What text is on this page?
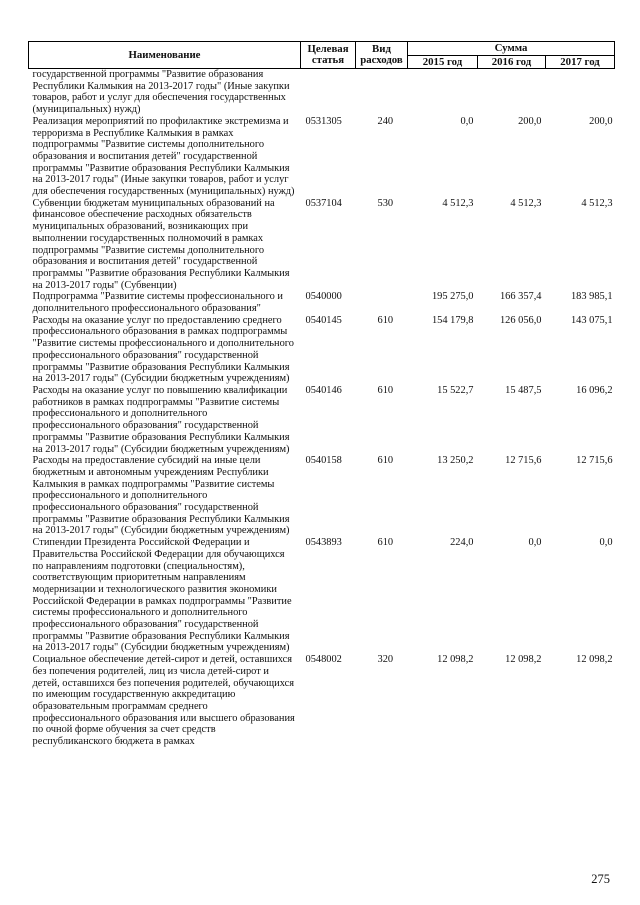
Наименование	Целевая статья	Вид расходов	Сумма		
			2015 год	2016 год	2017 год
государственной программы "Развитие образования Республики Калмыкия на 2013-2017 годы" (Иные закупки товаров, работ и услуг для обеспечения государственных (муниципальных) нужд)					
Реализация мероприятий по профилактике экстремизма и терроризма в Республике Калмыкия в рамках подпрограммы "Развитие системы дополнительного образования и воспитания детей" государственной программы "Развитие образования Республики Калмыкия на 2013-2017 годы" (Иные закупки товаров, работ и услуг для обеспечения государственных (муниципальных) нужд)	0531305	240	0,0	200,0	200,0
Субвенции бюджетам муниципальных образований на финансовое обеспечение расходных обязательств муниципальных образований, возникающих при выполнении государственных полномочий в рамках подпрограммы "Развитие системы дополнительного образования и воспитания детей" государственной программы "Развитие образования Республики Калмыкия на 2013-2017 годы" (Субвенции)	0537104	530	4 512,3	4 512,3	4 512,3
Подпрограмма "Развитие системы профессионального и дополнительного профессионального образования"	0540000		195 275,0	166 357,4	183 985,1
Расходы на оказание услуг по предоставлению среднего профессионального образования в рамках подпрограммы "Развитие системы профессионального и дополнительного профессионального образования" государственной программы "Развитие образования Республики Калмыкия на 2013-2017 годы" (Субсидии бюджетным учреждениям)	0540145	610	154 179,8	126 056,0	143 075,1
Расходы на оказание услуг по повышению квалификации работников в рамках подпрограммы "Развитие системы профессионального и дополнительного профессионального образования" государственной программы "Развитие образования Республики Калмыкия на 2013-2017 годы" (Субсидии бюджетным учреждениям)	0540146	610	15 522,7	15 487,5	16 096,2
Расходы на предоставление субсидий на иные цели бюджетным и автономным учреждениям Республики Калмыкия в рамках подпрограммы "Развитие системы профессионального и дополнительного профессионального образования" государственной программы "Развитие образования Республики Калмыкия на 2013-2017 годы" (Субсидии бюджетным учреждениям)	0540158	610	13 250,2	12 715,6	12 715,6
Стипендии Президента Российской Федерации и Правительства Российской Федерации для обучающихся по направлениям подготовки (специальностям), соответствующим приоритетным направлениям модернизации и технологического развития экономики Российской Федерации в рамках подпрограммы "Развитие системы профессионального и дополнительного профессионального образования" государственной программы "Развитие образования Республики Калмыкия на 2013-2017 годы" (Субсидии бюджетным учреждениям)	0543893	610	224,0	0,0	0,0
Социальное обеспечение детей-сирот и детей, оставшихся без попечения родителей, лиц из числа детей-сирот и детей, оставшихся без попечения родителей, обучающихся по имеющим государственную аккредитацию образовательным программам среднего профессионального образования или высшего образования по очной форме обучения за счет средств республиканского бюджета в рамках	0548002	320	12 098,2	12 098,2	12 098,2
275
